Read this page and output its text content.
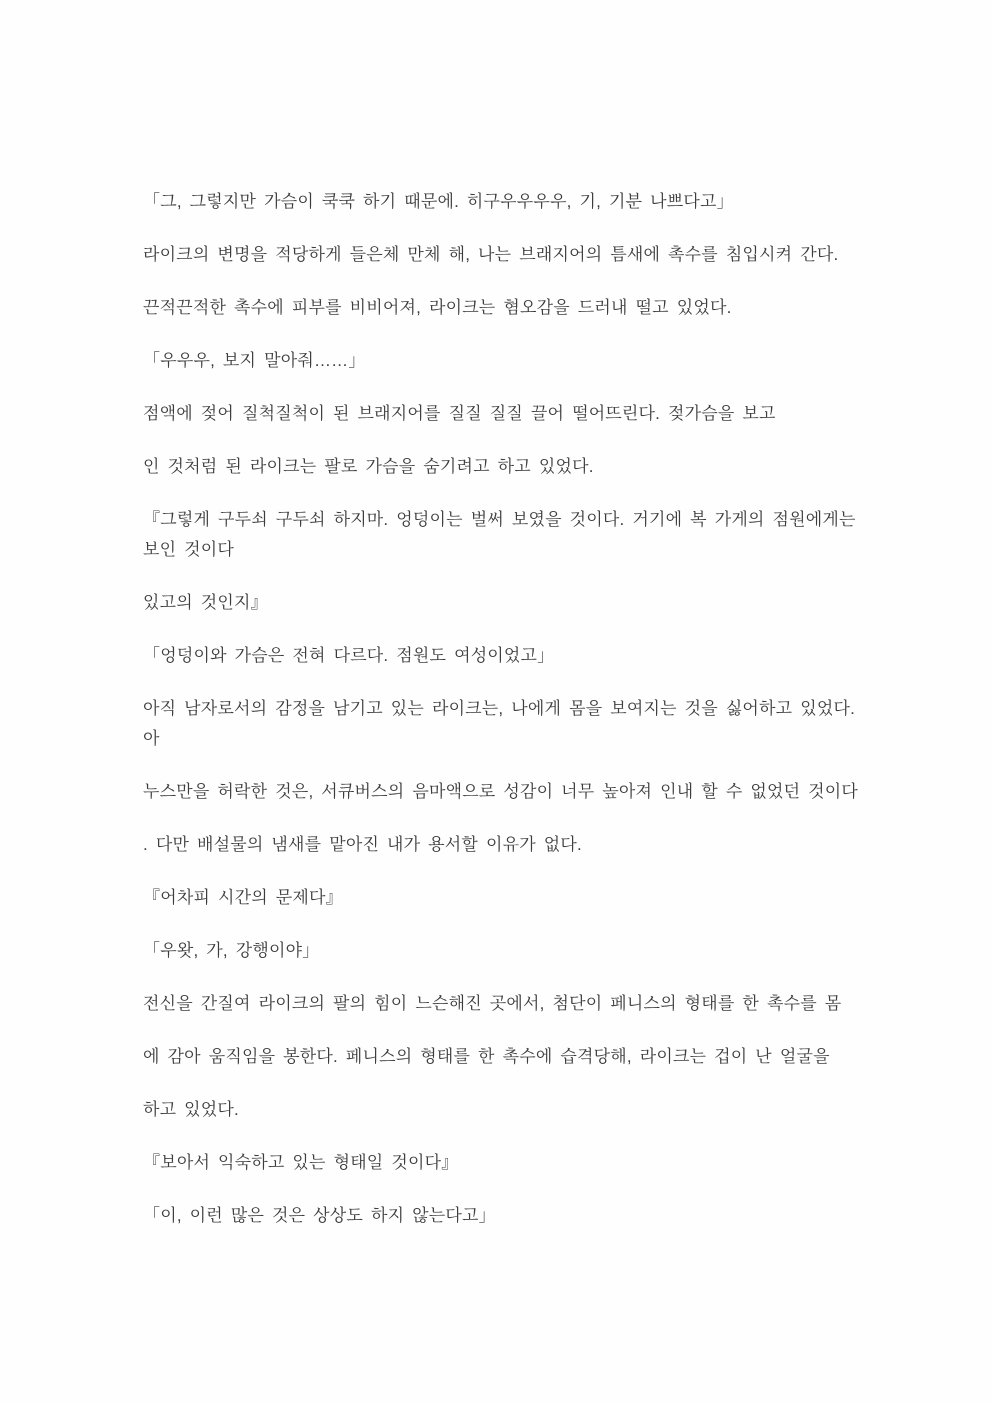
「그, 그렇지만 가슴이 쿡쿡 하기 때문에. 히구우우우우, 기, 기분 나쁘다고」

라이크의 변명을 적당하게 들은체 만체 해, 나는 브래지어의 틈새에 촉수를 침입시켜 간다.

끈적끈적한 촉수에 피부를 비비어져, 라이크는 혐오감을 드러내 떨고 있었다.

「우우우, 보지 말아줘……」

점액에 젖어 질척질척이 된 브래지어를 질질 질질 끌어 떨어뜨린다. 젖가슴을 보고

인 것처럼 된 라이크는 팔로 가슴을 숨기려고 하고 있었다.

『그렇게 구두쇠 구두쇠 하지마. 엉덩이는 벌써 보였을 것이다. 거기에 복 가게의 점원에게는
보인 것이다

있고의 것인지』

「엉덩이와 가슴은 전혀 다르다. 점원도 여성이었고」

아직 남자로서의 감정을 남기고 있는 라이크는, 나에게 몸을 보여지는 것을 싫어하고 있었다.
아

누스만을 허락한 것은, 서큐버스의 음마액으로 성감이 너무 높아져 인내 할 수 없었던 것이다

. 다만 배설물의 냄새를 맡아진 내가 용서할 이유가 없다.

『어차피 시간의 문제다』

「우왓, 가, 강행이야」

전신을 간질여 라이크의 팔의 힘이 느슨해진 곳에서, 첨단이 페니스의 형태를 한 촉수를 몸

에 감아 움직임을 봉한다. 페니스의 형태를 한 촉수에 습격당해, 라이크는 겁이 난 얼굴을

하고 있었다.

『보아서 익숙하고 있는 형태일 것이다』

「이, 이런 많은 것은 상상도 하지 않는다고」
